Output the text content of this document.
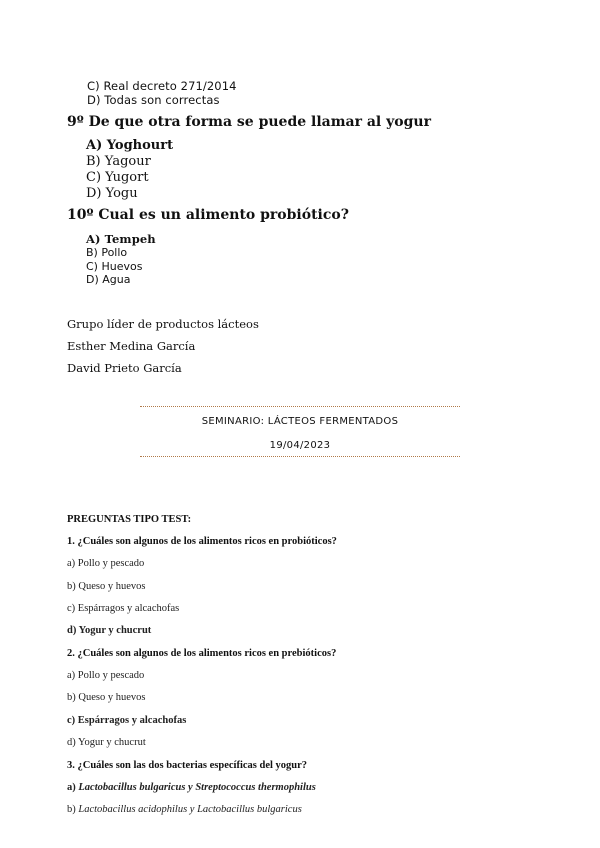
C) Real decreto 271/2014
D) Todas son correctas
9º De que otra forma se puede llamar al yogur
A) Yoghourt
B) Yagour
C) Yugort
D) Yogu
10º Cual es un alimento probiótico?
A) Tempeh
B) Pollo
C) Huevos
D) Agua
Grupo líder de productos lácteos
Esther Medina García
David Prieto García
SEMINARIO: LÁCTEOS FERMENTADOS
19/04/2023
PREGUNTAS TIPO TEST:
1. ¿Cuáles son algunos de los alimentos ricos en probióticos?
a) Pollo y pescado
b) Queso y huevos
c) Espárragos y alcachofas
d) Yogur y chucrut
2. ¿Cuáles son algunos de los alimentos ricos en prebióticos?
a) Pollo y pescado
b) Queso y huevos
c) Espárragos y alcachofas
d) Yogur y chucrut
3. ¿Cuáles son las dos bacterias específicas del yogur?
a) Lactobacillus bulgaricus y Streptococcus thermophilus
b) Lactobacillus acidophilus y Lactobacillus bulgaricus
